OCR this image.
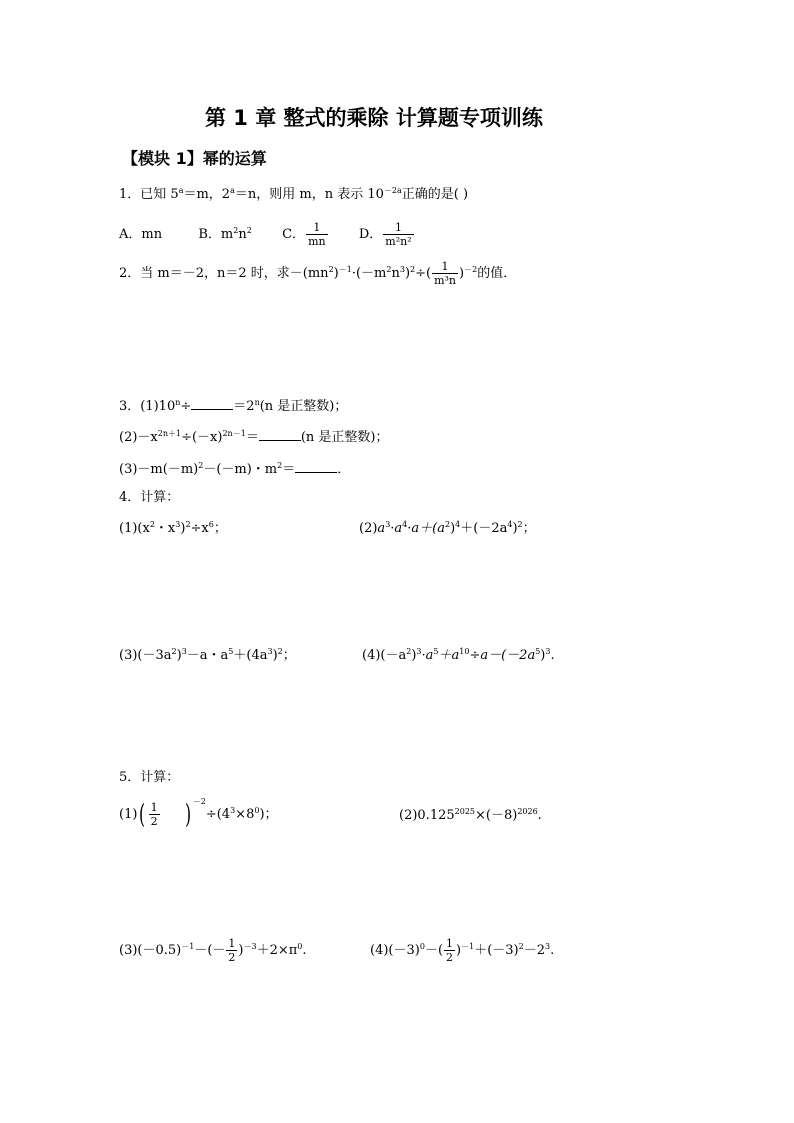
第 1 章 整式的乘除 计算题专项训练
【模块 1】幂的运算
1．已知 $5^a=m$，$2^a=n$，则用 m，n 表示 $10^{-2a}$正确的是( )
A．mn	B．$m^2n^2$ C． $\frac{1}{mn}$ D． $\frac{1}{\text{m²n²}}$
2．当 m＝－2，n＝2 时，求$-(mn^2)^{-1}\cdot(-m^2n^3)^2\div( \frac{1}{\text{m³n}} )^{-2}$的值．
3．$(1)10^n\div$	$=2^n(n$ 是正整数)；
$(2)-x^{2n+1}\div(-x)^{2n-1}=$	(n 是正整数)；
$(3)-m(-m)^2-(-m)$・$m^2=$	．
4．计算：
$(1)(x^2$・$x^3)^2\div x^6$；	$(2)a^3\cdot a^4\cdot a+(a^2)^4+(-2a^4)^2$；
$(3)(-3a^2)^3-a$・$a^5+(4a^3)^2$；	$(4)(-a^2)^3\cdot a^5+a^{10}\div a-(-2a^5)^3$.
5．计算：
$(1)( \frac{1}{2}$ ) $^{-2}\div(4^3\times 8^0)$；	$(2)0.125^{2025}\times(-8)^{2026}$.
$(3)(-0.5)^{-1}-(- \frac{1}{2} )^{-3}+2\times\pi^0$.	$(4)(-3)^0-( \frac{1}{2} )^{-1}+(-3)^2-2^3$.
